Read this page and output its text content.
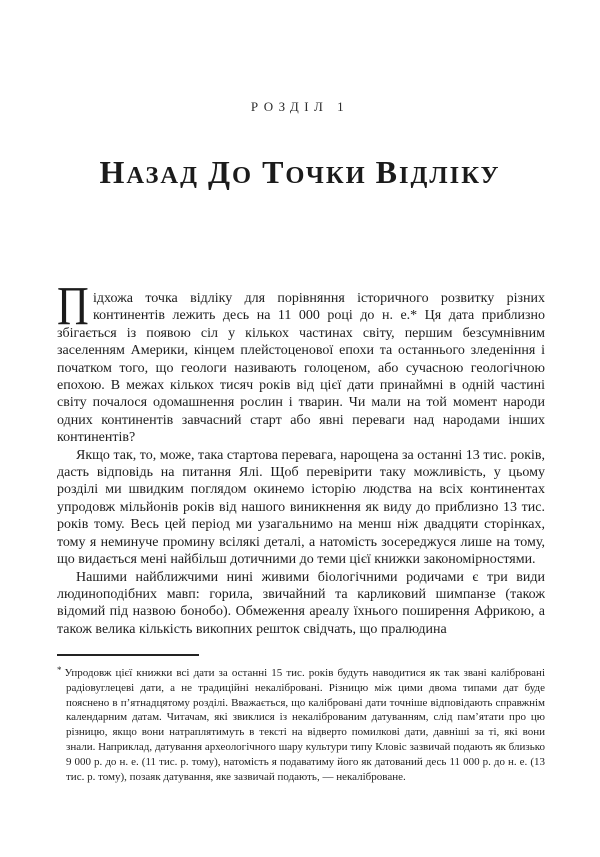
РОЗДІЛ 1
НАЗАД ДО ТОЧКИ ВІДЛІКУ
П ідхожа точка відліку для порівняння історичного розвитку різних континентів лежить десь на 11 000 році до н. е.* Ця дата приблизно збігається із появою сіл у кількох частинах світу, першим безсумнівним заселенням Америки, кінцем плейстоценової епохи та останнього зледеніння і початком того, що геологи називають голоценом, або сучасною геологічною епохою. В межах кількох тисяч років від цієї дати принаймні в одній частині світу почалося одомашнення рослин і тварин. Чи мали на той момент народи одних континентів завчасний старт або явні переваги над народами інших континентів?

Якщо так, то, може, така стартова перевага, нарощена за останні 13 тис. років, дасть відповідь на питання Ялі. Щоб перевірити таку можливість, у цьому розділі ми швидким поглядом окинемо історію людства на всіх континентах упродовж мільйонів років від нашого виникнення як виду до приблизно 13 тис. років тому. Весь цей період ми узагальнимо на менш ніж двадцяти сторінках, тому я неминуче промину всілякі деталі, а натомість зосереджуся лише на тому, що видається мені найбільш дотичними до теми цієї книжки закономірностями.

Нашими найближчими нині живими біологічними родичами є три види людиноподібних мавп: горила, звичайний та карликовий шимпанзе (також відомий під назвою бонобо). Обмеження ареалу їхнього поширення Африкою, а також велика кількість викопних решток свідчать, що пралюдина

* Упродовж цієї книжки всі дати за останні 15 тис. років будуть наводитися як так звані калібровані радіовуглецеві дати, а не традиційні некалібровані. Різницю між цими двома типами дат буде пояснено в п’ятнадцятому розділі. Вважається, що калібровані дати точніше відповідають справжнім календарним датам. Читачам, які звиклися із некаліброваним датуванням, слід пам’ятати про цю різницю, якщо вони натраплятимуть в тексті на відверто помилкові дати, давніші за ті, які вони знали. Наприклад, датування археологічного шару культури типу Кловіс зазвичай подають як близько 9 000 р. до н. е. (11 тис. р. тому), натомість я подаватиму його як датований десь 11 000 р. до н. е. (13 тис. р. тому), позаяк датування, яке зазвичай подають, — некаліброване.
